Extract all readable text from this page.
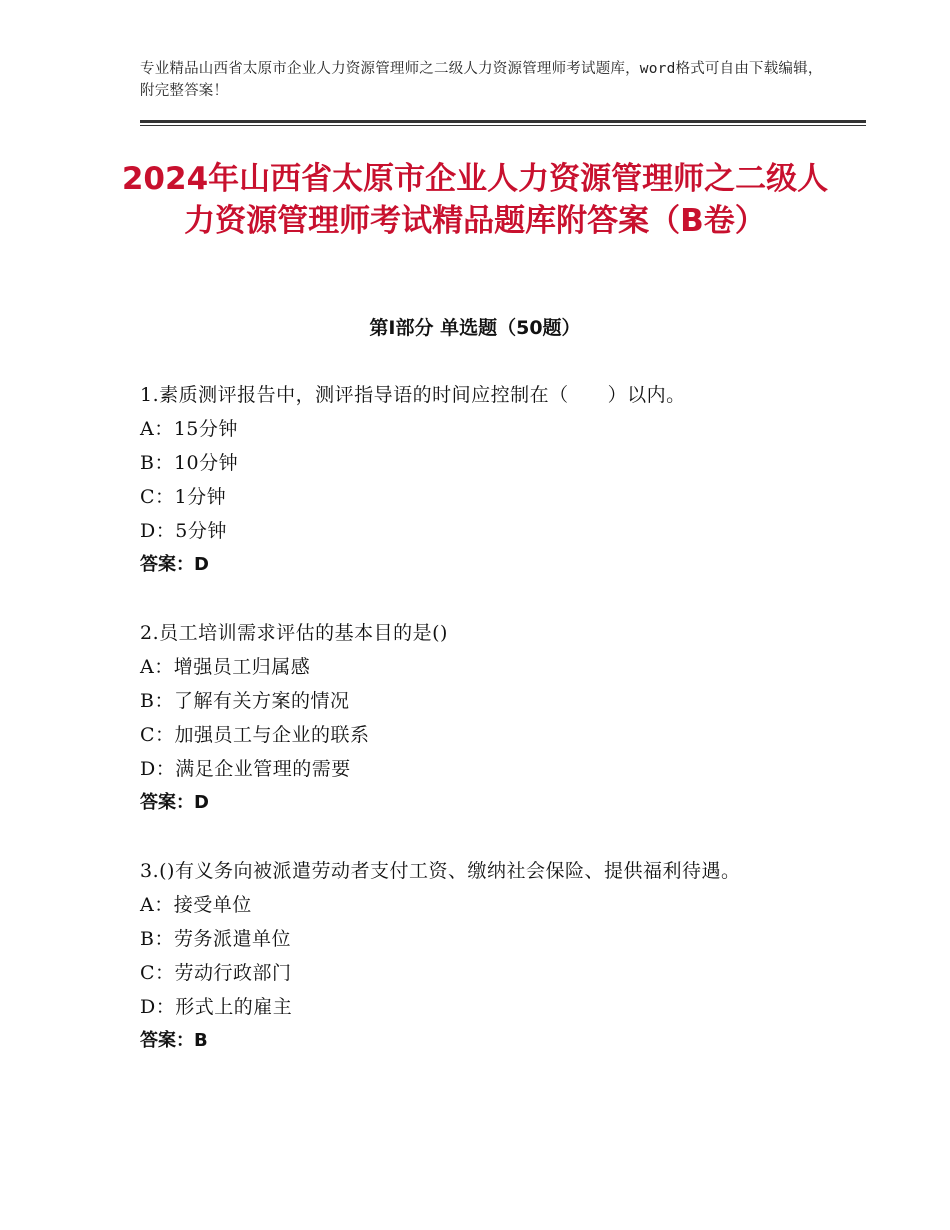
专业精品山西省太原市企业人力资源管理师之二级人力资源管理师考试题库，word格式可自由下载编辑，附完整答案！
2024年山西省太原市企业人力资源管理师之二级人力资源管理师考试精品题库附答案（B卷）
第Ⅰ部分 单选题（50题）
1.素质测评报告中，测评指导语的时间应控制在（　　）以内。
A：15分钟
B：10分钟
C：1分钟
D：5分钟
答案：D
2.员工培训需求评估的基本目的是()
A：增强员工归属感
B：了解有关方案的情况
C：加强员工与企业的联系
D：满足企业管理的需要
答案：D
3.()有义务向被派遣劳动者支付工资、缴纳社会保险、提供福利待遇。
A：接受单位
B：劳务派遣单位
C：劳动行政部门
D：形式上的雇主
答案：B
